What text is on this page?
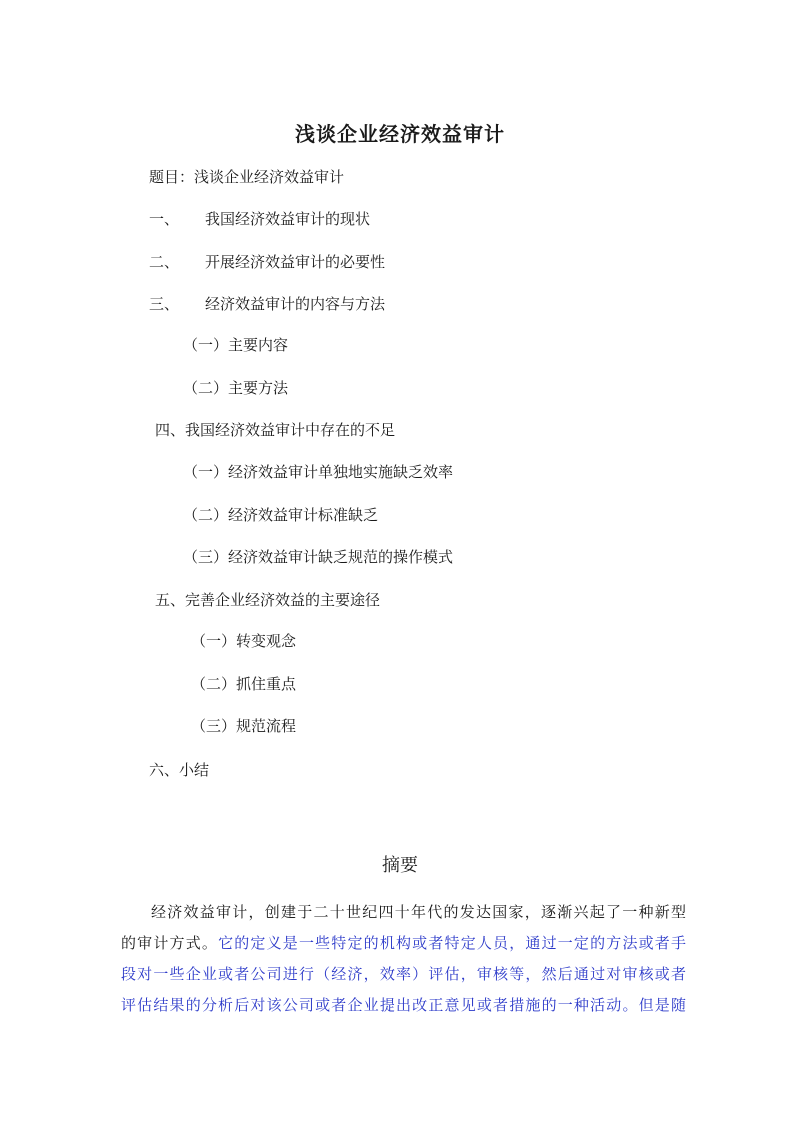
浅谈企业经济效益审计
题目：浅谈企业经济效益审计
一、 我国经济效益审计的现状
二、 开展经济效益审计的必要性
三、 经济效益审计的内容与方法
（一）主要内容
（二）主要方法
四、我国经济效益审计中存在的不足
（一）经济效益审计单独地实施缺乏效率
（二）经济效益审计标准缺乏
（三）经济效益审计缺乏规范的操作模式
五、完善企业经济效益的主要途径
（一）转变观念
（二）抓住重点
（三）规范流程
六、小结
摘要
经济效益审计，创建于二十世纪四十年代的发达国家，逐渐兴起了一种新型
的审计方式。它的定义是一些特定的机构或者特定人员，通过一定的方法或者手
段对一些企业或者公司进行（经济，效率）评估，审核等，然后通过对审核或者
评估结果的分析后对该公司或者企业提出改正意见或者措施的一种活动。但是随
